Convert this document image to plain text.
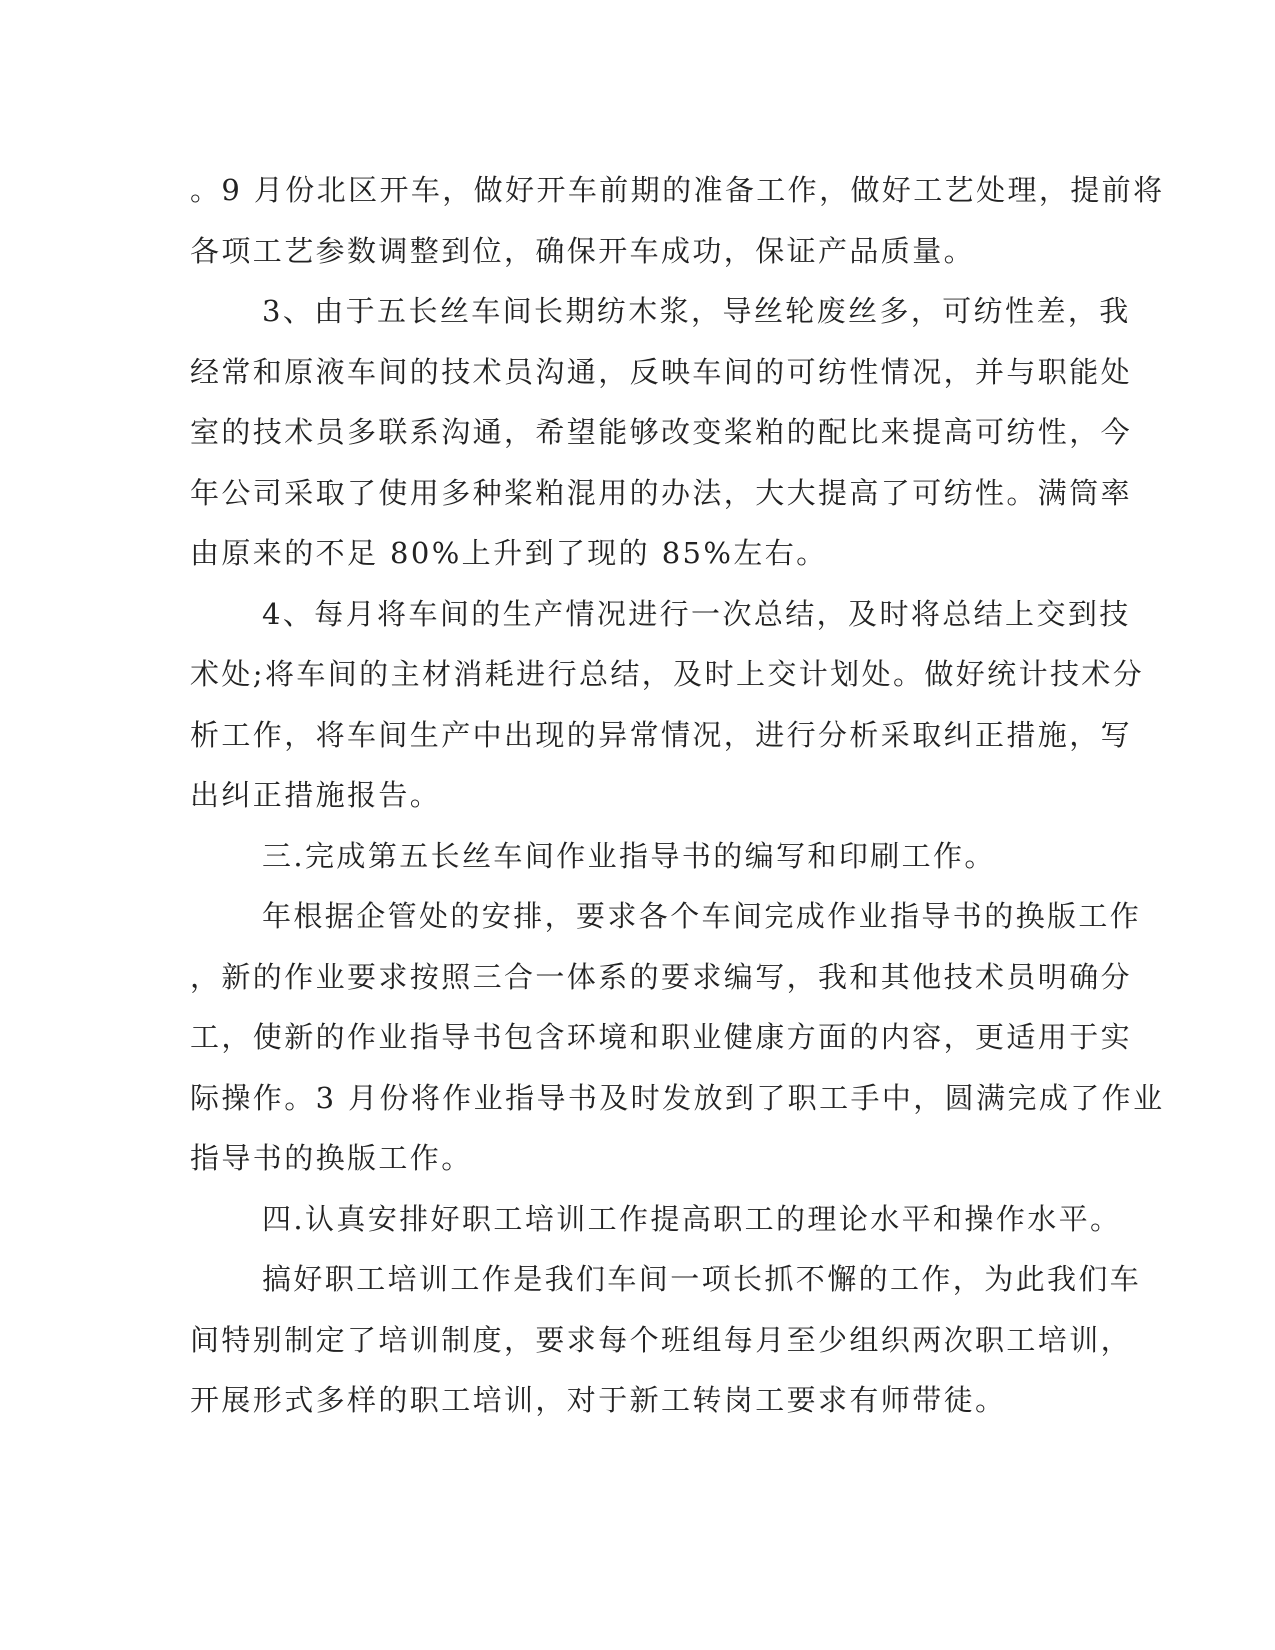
。9 月份北区开车，做好开车前期的准备工作，做好工艺处理，提前将
各项工艺参数调整到位，确保开车成功，保证产品质量。
3、由于五长丝车间长期纺木浆，导丝轮废丝多，可纺性差，我
经常和原液车间的技术员沟通，反映车间的可纺性情况，并与职能处
室的技术员多联系沟通，希望能够改变桨粕的配比来提高可纺性，今
年公司采取了使用多种桨粕混用的办法，大大提高了可纺性。满筒率
由原来的不足 80%上升到了现的 85%左右。
4、每月将车间的生产情况进行一次总结，及时将总结上交到技
术处;将车间的主材消耗进行总结，及时上交计划处。做好统计技术分
析工作，将车间生产中出现的异常情况，进行分析采取纠正措施，写
出纠正措施报告。
三.完成第五长丝车间作业指导书的编写和印刷工作。
年根据企管处的安排，要求各个车间完成作业指导书的换版工作
，新的作业要求按照三合一体系的要求编写，我和其他技术员明确分
工，使新的作业指导书包含环境和职业健康方面的内容，更适用于实
际操作。3 月份将作业指导书及时发放到了职工手中，圆满完成了作业
指导书的换版工作。
四.认真安排好职工培训工作提高职工的理论水平和操作水平。
搞好职工培训工作是我们车间一项长抓不懈的工作，为此我们车
间特别制定了培训制度，要求每个班组每月至少组织两次职工培训，
开展形式多样的职工培训，对于新工转岗工要求有师带徒。
